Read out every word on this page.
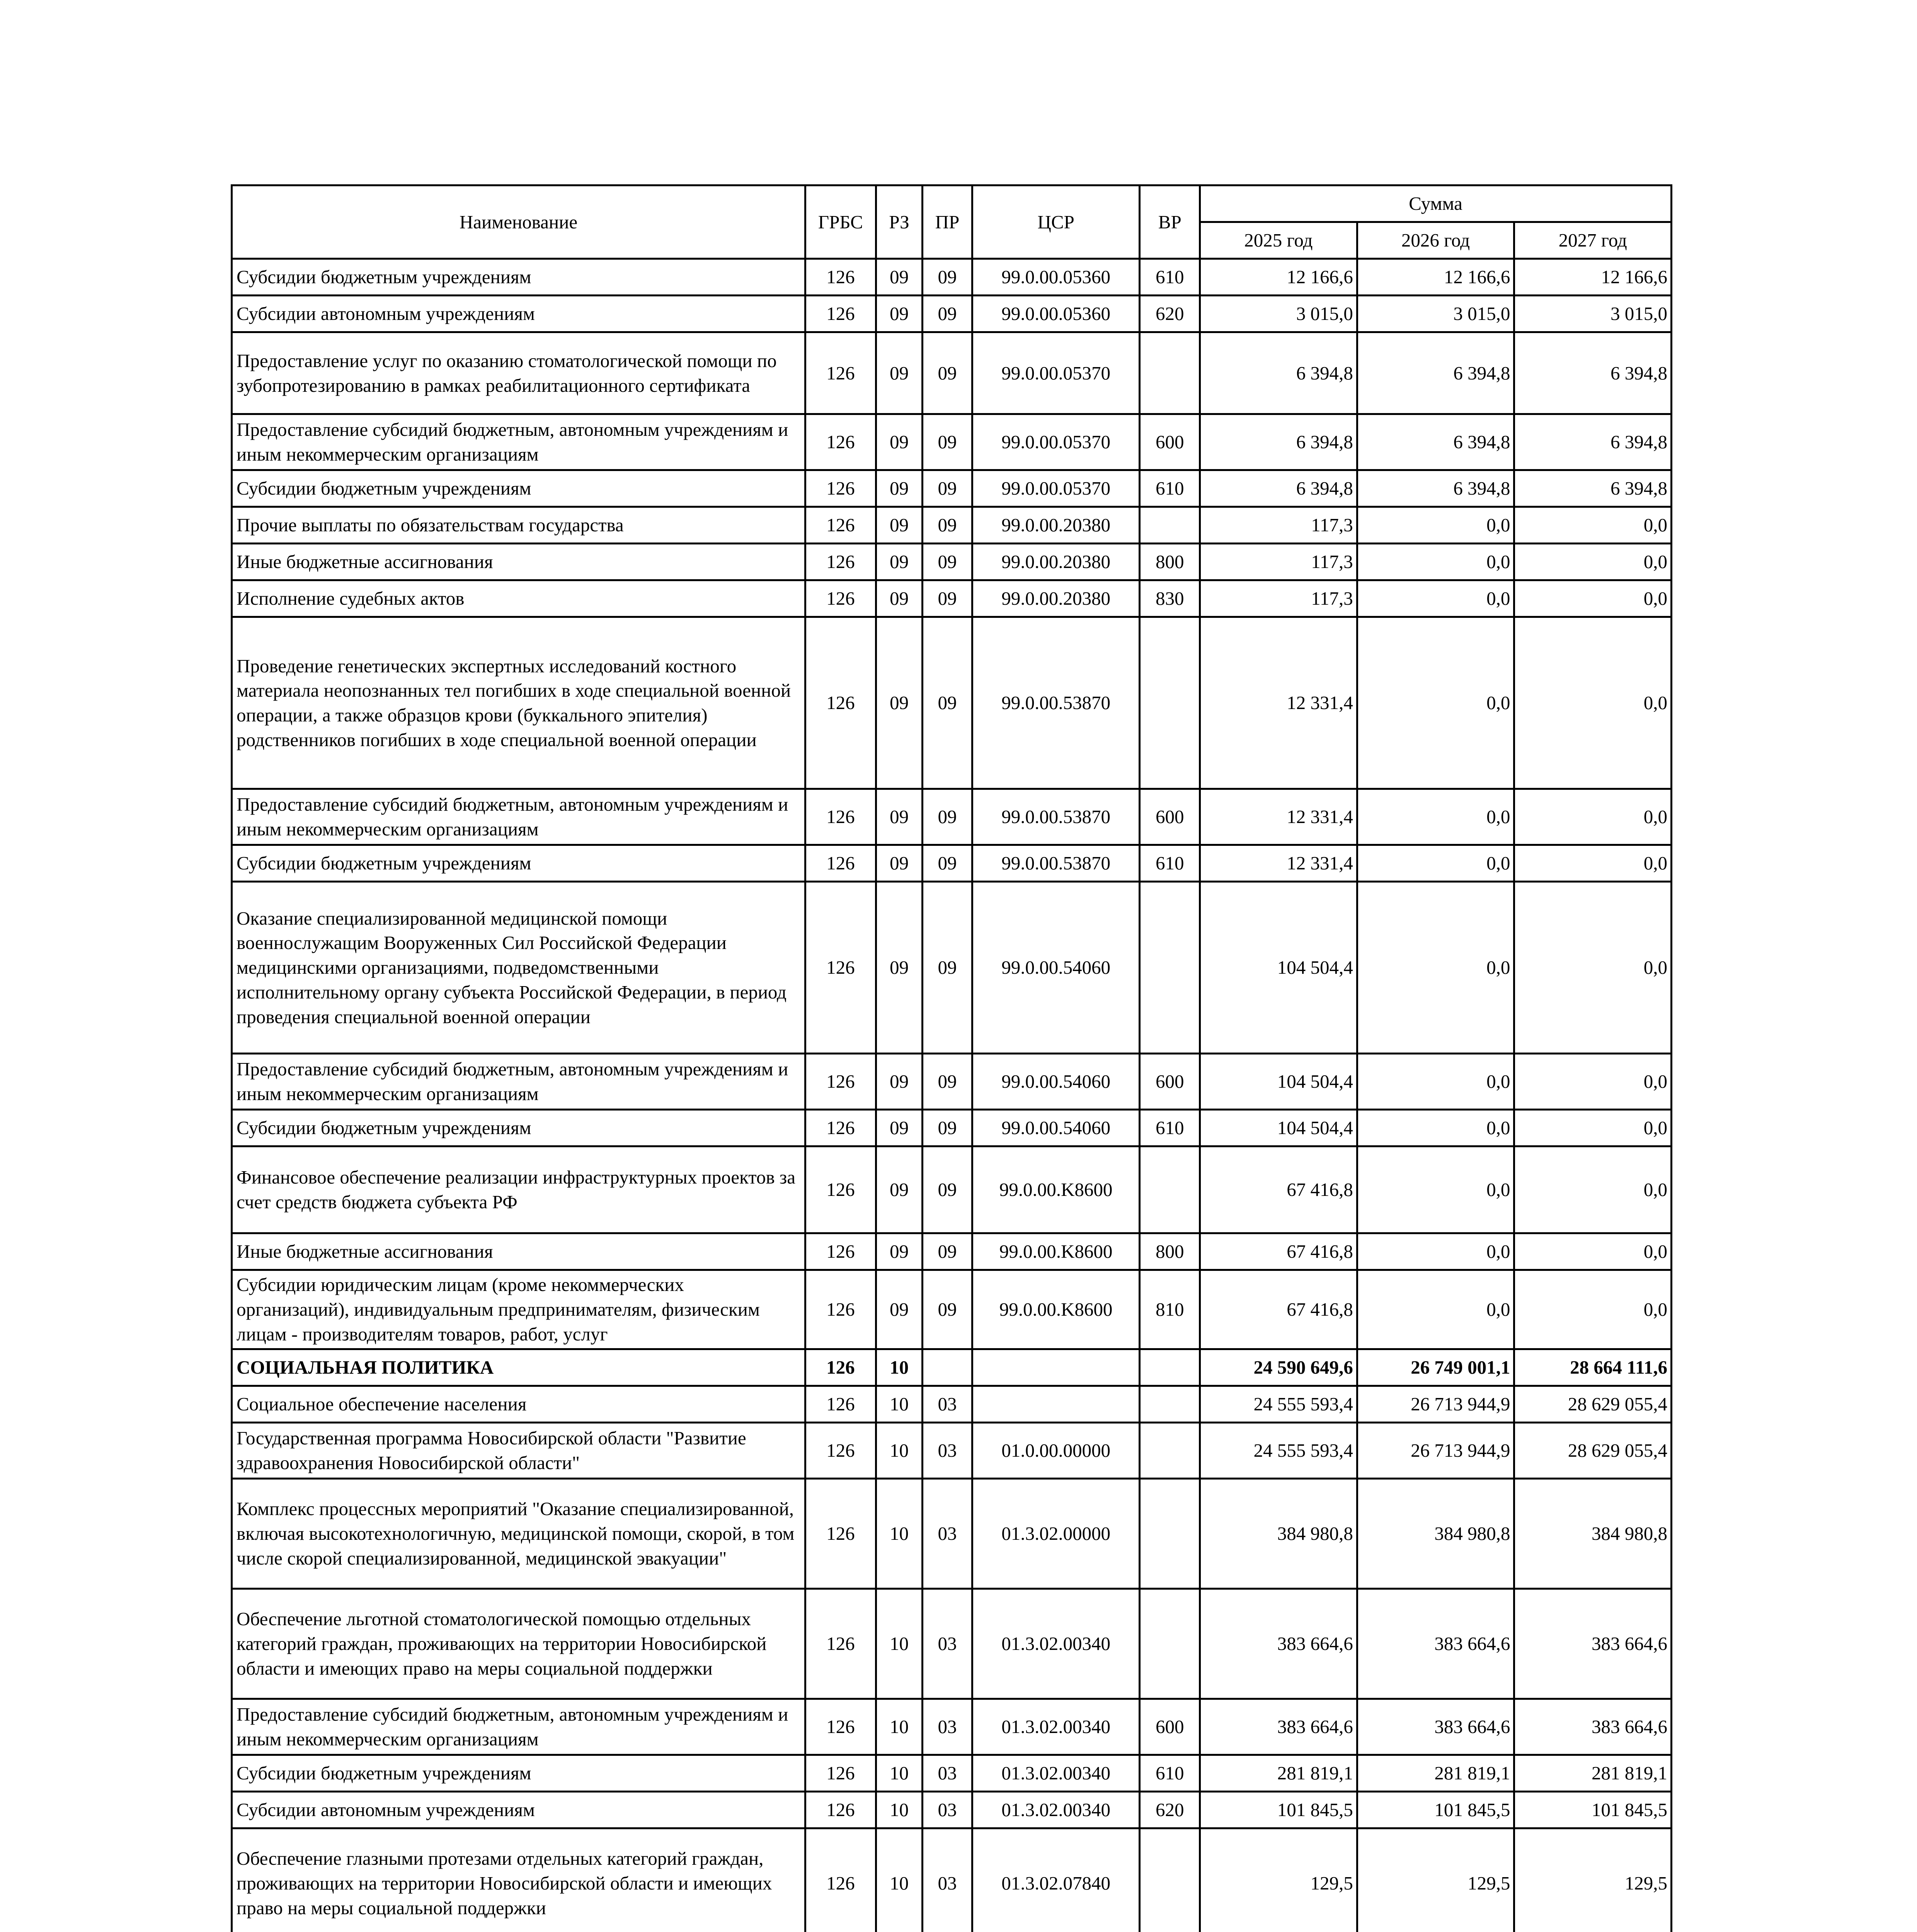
Наименование	ГРБС	РЗ	ПР	ЦСР	ВР	Сумма		
						2025 год	2026 год	2027 год
Субсидии бюджетным учреждениям	126	09	09	99.0.00.05360	610	12 166,6	12 166,6	12 166,6
Субсидии автономным учреждениям	126	09	09	99.0.00.05360	620	3 015,0	3 015,0	3 015,0
Предоставление услуг по оказанию стоматологической помощи по зубопротезированию в рамках реабилитационного сертификата	126	09	09	99.0.00.05370		6 394,8	6 394,8	6 394,8
Предоставление субсидий бюджетным, автономным учреждениям и иным некоммерческим организациям	126	09	09	99.0.00.05370	600	6 394,8	6 394,8	6 394,8
Субсидии бюджетным учреждениям	126	09	09	99.0.00.05370	610	6 394,8	6 394,8	6 394,8
Прочие выплаты по обязательствам государства	126	09	09	99.0.00.20380		117,3	0,0	0,0
Иные бюджетные ассигнования	126	09	09	99.0.00.20380	800	117,3	0,0	0,0
Исполнение судебных актов	126	09	09	99.0.00.20380	830	117,3	0,0	0,0
Проведение генетических экспертных исследований костного материала неопознанных тел погибших в ходе специальной военной операции, а также образцов крови (буккального эпителия) родственников погибших в ходе специальной военной операции	126	09	09	99.0.00.53870		12 331,4	0,0	0,0
Предоставление субсидий бюджетным, автономным учреждениям и иным некоммерческим организациям	126	09	09	99.0.00.53870	600	12 331,4	0,0	0,0
Субсидии бюджетным учреждениям	126	09	09	99.0.00.53870	610	12 331,4	0,0	0,0
Оказание специализированной медицинской помощи военнослужащим Вооруженных Сил Российской Федерации медицинскими организациями, подведомственными исполнительному органу субъекта Российской Федерации, в период проведения специальной военной операции	126	09	09	99.0.00.54060		104 504,4	0,0	0,0
Предоставление субсидий бюджетным, автономным учреждениям и иным некоммерческим организациям	126	09	09	99.0.00.54060	600	104 504,4	0,0	0,0
Субсидии бюджетным учреждениям	126	09	09	99.0.00.54060	610	104 504,4	0,0	0,0
Финансовое обеспечение реализации инфраструктурных проектов за счет средств бюджета субъекта РФ	126	09	09	99.0.00.K8600		67 416,8	0,0	0,0
Иные бюджетные ассигнования	126	09	09	99.0.00.K8600	800	67 416,8	0,0	0,0
Субсидии юридическим лицам (кроме некоммерческих организаций), индивидуальным предпринимателям, физическим лицам - производителям товаров, работ, услуг	126	09	09	99.0.00.K8600	810	67 416,8	0,0	0,0
СОЦИАЛЬНАЯ ПОЛИТИКА	126	10				24 590 649,6	26 749 001,1	28 664 111,6
Социальное обеспечение населения	126	10	03			24 555 593,4	26 713 944,9	28 629 055,4
Государственная программа Новосибирской области "Развитие здравоохранения Новосибирской области"	126	10	03	01.0.00.00000		24 555 593,4	26 713 944,9	28 629 055,4
Комплекс процессных мероприятий "Оказание специализированной, включая высокотехнологичную, медицинской помощи, скорой, в том числе скорой специализированной, медицинской эвакуации"	126	10	03	01.3.02.00000		384 980,8	384 980,8	384 980,8
Обеспечение льготной стоматологической помощью отдельных категорий граждан, проживающих на территории Новосибирской области и имеющих право на меры социальной поддержки	126	10	03	01.3.02.00340		383 664,6	383 664,6	383 664,6
Предоставление субсидий бюджетным, автономным учреждениям и иным некоммерческим организациям	126	10	03	01.3.02.00340	600	383 664,6	383 664,6	383 664,6
Субсидии бюджетным учреждениям	126	10	03	01.3.02.00340	610	281 819,1	281 819,1	281 819,1
Субсидии автономным учреждениям	126	10	03	01.3.02.00340	620	101 845,5	101 845,5	101 845,5
Обеспечение глазными протезами отдельных категорий граждан, проживающих на территории Новосибирской области и имеющих право на меры социальной поддержки	126	10	03	01.3.02.07840		129,5	129,5	129,5
